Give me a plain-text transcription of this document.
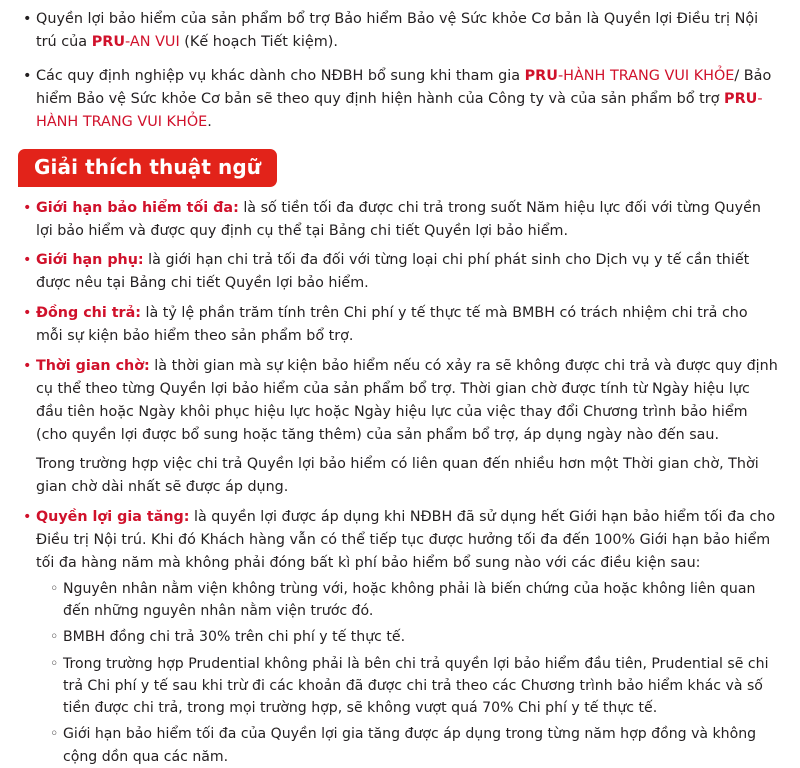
• Quyền lợi bảo hiểm của sản phẩm bổ trợ Bảo hiểm Bảo vệ Sức khỏe Cơ bản là Quyền lợi Điều trị Nội trú của PRU-AN VUI (Kế hoạch Tiết kiệm).
• Các quy định nghiệp vụ khác dành cho NĐBH bổ sung khi tham gia PRU-HÀNH TRANG VUI KHỎE/ Bảo hiểm Bảo vệ Sức khỏe Cơ bản sẽ theo quy định hiện hành của Công ty và của sản phẩm bổ trợ PRU-HÀNH TRANG VUI KHỎE.
Giải thích thuật ngữ
• Giới hạn bảo hiểm tối đa: là số tiền tối đa được chi trả trong suốt Năm hiệu lực đối với từng Quyền lợi bảo hiểm và được quy định cụ thể tại Bảng chi tiết Quyền lợi bảo hiểm.
• Giới hạn phụ: là giới hạn chi trả tối đa đối với từng loại chi phí phát sinh cho Dịch vụ y tế cần thiết được nêu tại Bảng chi tiết Quyền lợi bảo hiểm.
• Đồng chi trả: là tỷ lệ phần trăm tính trên Chi phí y tế thực tế mà BMBH có trách nhiệm chi trả cho mỗi sự kiện bảo hiểm theo sản phẩm bổ trợ.
• Thời gian chờ: là thời gian mà sự kiện bảo hiểm nếu có xảy ra sẽ không được chi trả và được quy định cụ thể theo từng Quyền lợi bảo hiểm của sản phẩm bổ trợ. Thời gian chờ được tính từ Ngày hiệu lực đầu tiên hoặc Ngày khôi phục hiệu lực hoặc Ngày hiệu lực của việc thay đổi Chương trình bảo hiểm (cho quyền lợi được bổ sung hoặc tăng thêm) của sản phẩm bổ trợ, áp dụng ngày nào đến sau.

Trong trường hợp việc chi trả Quyền lợi bảo hiểm có liên quan đến nhiều hơn một Thời gian chờ, Thời gian chờ dài nhất sẽ được áp dụng.

• Quyền lợi gia tăng: là quyền lợi được áp dụng khi NĐBH đã sử dụng hết Giới hạn bảo hiểm tối đa cho Điều trị Nội trú. Khi đó Khách hàng vẫn có thể tiếp tục được hưởng tối đa đến 100% Giới hạn bảo hiểm tối đa hàng năm mà không phải đóng bất kì phí bảo hiểm bổ sung nào với các điều kiện sau:
◦ Nguyên nhân nằm viện không trùng với, hoặc không phải là biến chứng của hoặc không liên quan đến những nguyên nhân nằm viện trước đó.
◦ BMBH đồng chi trả 30% trên chi phí y tế thực tế.
◦ Trong trường hợp Prudential không phải là bên chi trả quyền lợi bảo hiểm đầu tiên, Prudential sẽ chi trả Chi phí y tế sau khi trừ đi các khoản đã được chi trả theo các Chương trình bảo hiểm khác và số tiền được chi trả, trong mọi trường hợp, sẽ không vượt quá 70% Chi phí y tế thực tế.
◦ Giới hạn bảo hiểm tối đa của Quyền lợi gia tăng được áp dụng trong từng năm hợp đồng và không cộng dồn qua các năm.
